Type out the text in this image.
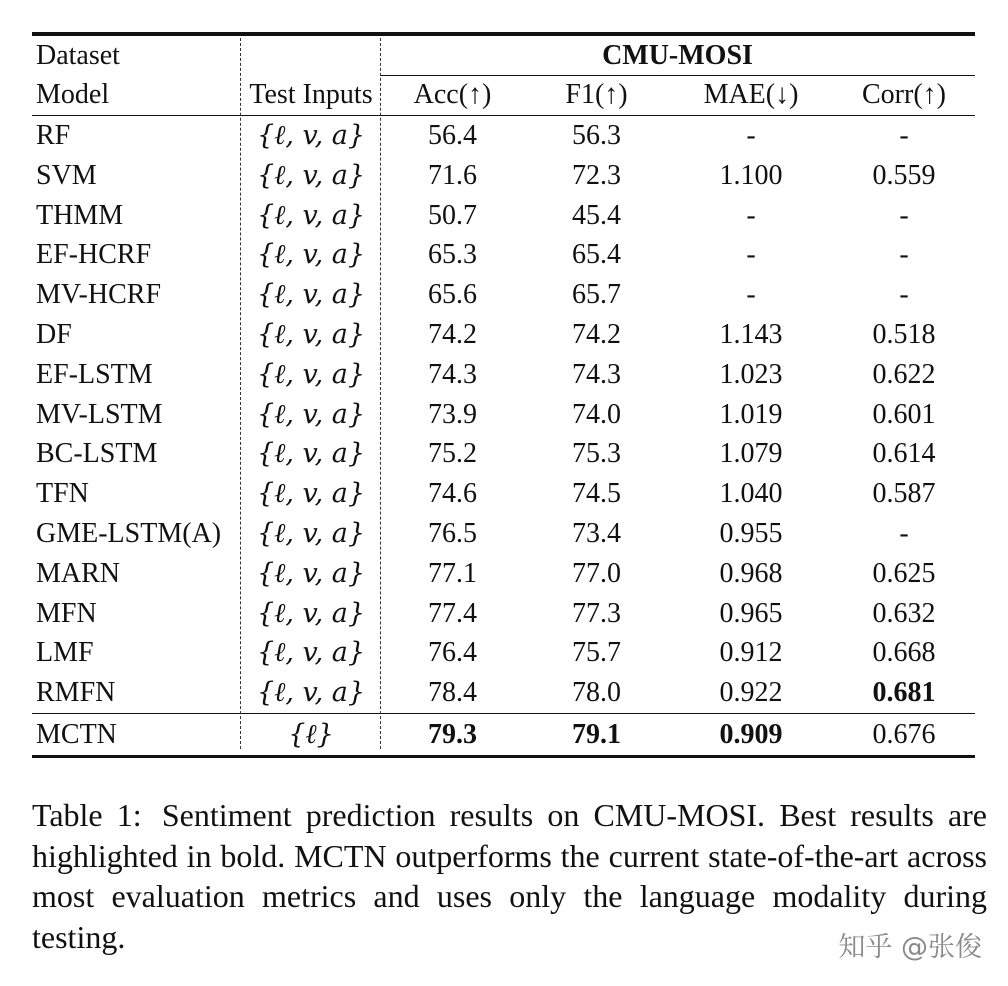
Dataset	CMU-MOSI
Model	Test Inputs	Acc(↑)	F1(↑)	MAE(↓)	Corr(↑)
RF	{ℓ, v, a}	56.4	56.3	-	-
SVM	{ℓ, v, a}	71.6	72.3	1.100	0.559
THMM	{ℓ, v, a}	50.7	45.4	-	-
EF-HCRF	{ℓ, v, a}	65.3	65.4	-	-
MV-HCRF	{ℓ, v, a}	65.6	65.7	-	-
DF	{ℓ, v, a}	74.2	74.2	1.143	0.518
EF-LSTM	{ℓ, v, a}	74.3	74.3	1.023	0.622
MV-LSTM	{ℓ, v, a}	73.9	74.0	1.019	0.601
BC-LSTM	{ℓ, v, a}	75.2	75.3	1.079	0.614
TFN	{ℓ, v, a}	74.6	74.5	1.040	0.587
GME-LSTM(A)	{ℓ, v, a}	76.5	73.4	0.955	-
MARN	{ℓ, v, a}	77.1	77.0	0.968	0.625
MFN	{ℓ, v, a}	77.4	77.3	0.965	0.632
LMF	{ℓ, v, a}	76.4	75.7	0.912	0.668
RMFN	{ℓ, v, a}	78.4	78.0	0.922	0.681
MCTN	{ℓ}	79.3	79.1	0.909	0.676
Table 1: Sentiment prediction results on CMU-MOSI. Best results are highlighted in bold. MCTN outperforms the current state-of-the-art across most evaluation metrics and uses only the language modality during testing.	知乎 @张俊
